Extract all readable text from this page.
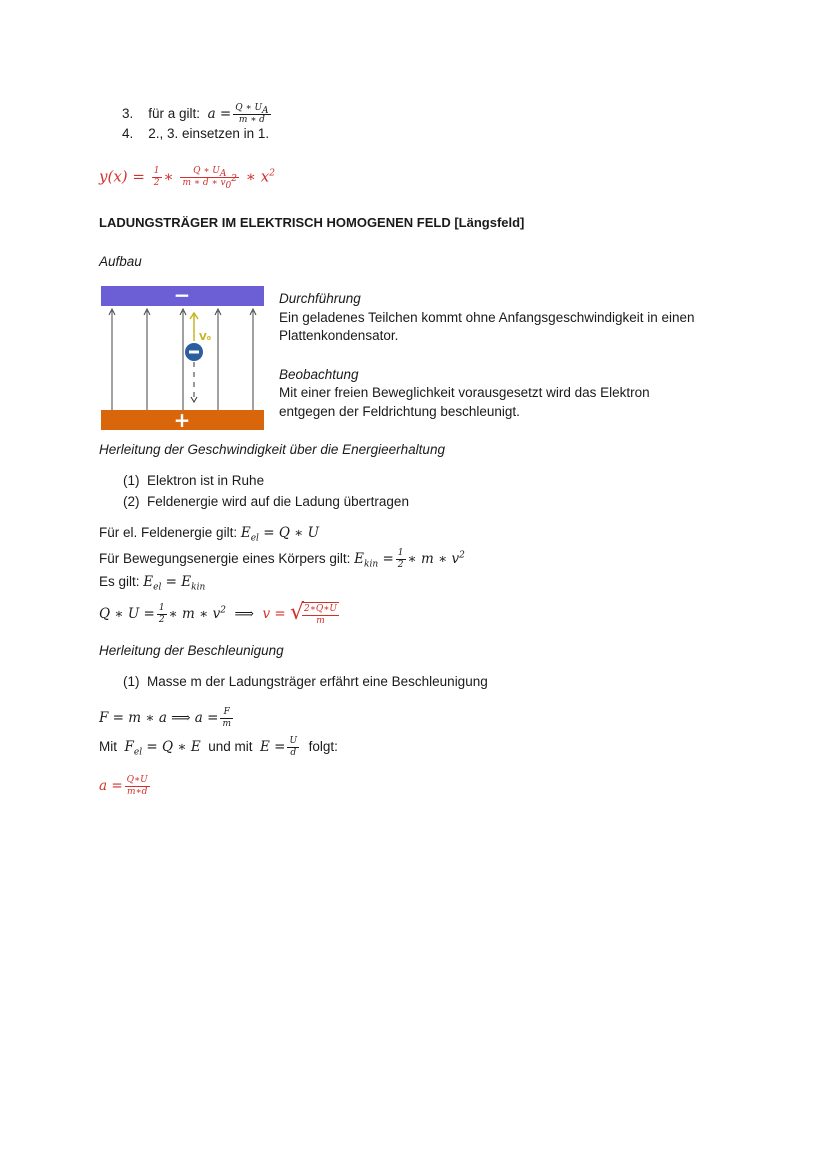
3. für a gilt: $a = \frac{Q ∗ U_A}{m ∗ d}$
4. 2., 3. einsetzen in 1.
$y(x) = \frac{1}{2}$ ∗ $\frac{Q ∗ U_A}{m ∗ d ∗ v_0^2}$ ∗ $x^2$
LADUNGSTRÄGER IM ELEKTRISCH HOMOGENEN FELD [Längsfeld]
Aufbau
−
+
V₀
Durchführung
Ein geladenes Teilchen kommt ohne Anfangsgeschwindigkeit in einen
Plattenkondensator.
Beobachtung
Mit einer freien Beweglichkeit vorausgesetzt wird das Elektron
entgegen der Feldrichtung beschleunigt.
Herleitung der Geschwindigkeit über die Energieerhaltung
(1) Elektron ist in Ruhe
(2) Feldenergie wird auf die Ladung übertragen
Für el. Feldenergie gilt: $E_{el} = Q$ ∗ U
Für Bewegungsenergie eines Körpers gilt: $E_{kin} = \frac{1}{2}$ ∗ m ∗ $v^2$
Es gilt: $E_{el} = E_{kin}$
Q ∗ $U = \frac{1}{2}$ ∗ m ∗ $v^2$ ⟹ v = √
$\frac{2∗Q∗U}{m}$
Herleitung der Beschleunigung
(1) Masse m der Ladungsträger erfährt eine Beschleunigung
F = m ∗ a ⟹ $a = \frac{F}{m}$
Mit $F_{el} = Q$ ∗ E und mit $E = \frac{U}{d} folgt$:
$a = \frac{Q∗U}{m∗d}$
